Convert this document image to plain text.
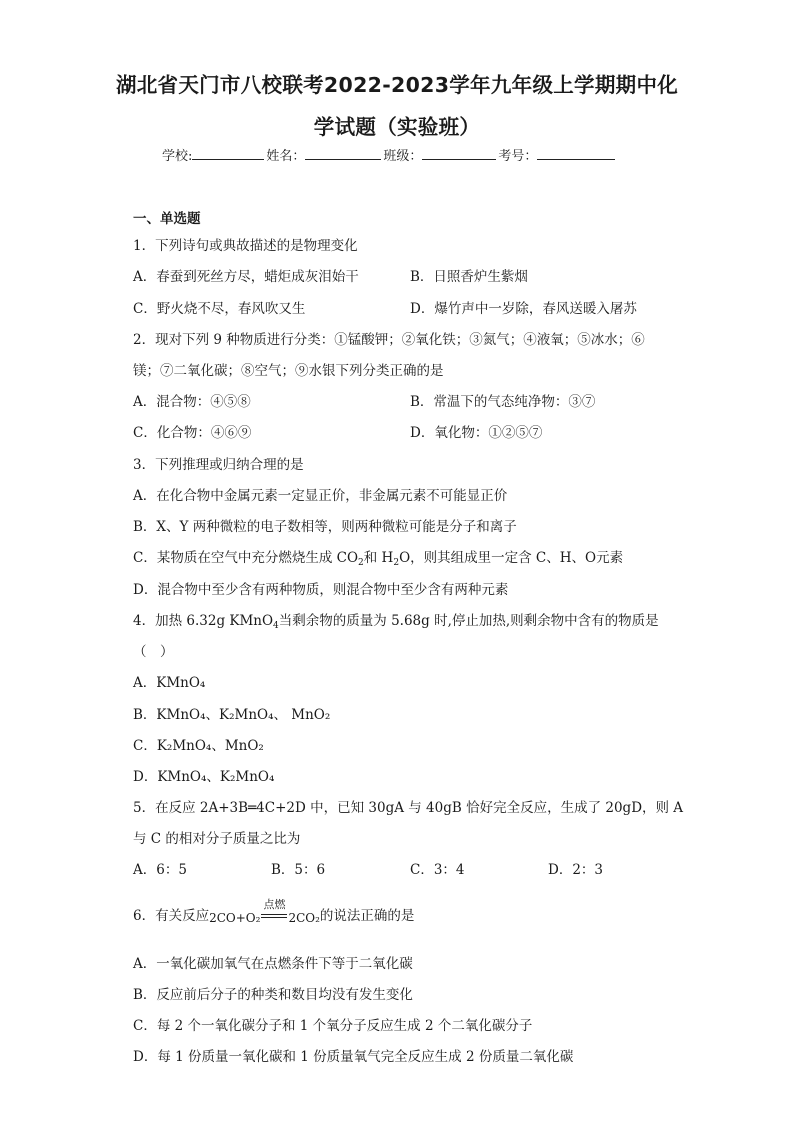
湖北省天门市八校联考2022-2023学年九年级上学期期中化
学试题（实验班）
学校:	姓名：	班级：	考号：
一、单选题
1．下列诗句或典故描述的是物理变化
A．春蚕到死丝方尽，蜡炬成灰泪始干	B．日照香炉生紫烟
C．野火烧不尽，春风吹又生	D．爆竹声中一岁除，春风送暖入屠苏
2．现对下列 9 种物质进行分类：①锰酸钾；②氧化铁；③氮气；④液氧；⑤冰水；⑥
镁；⑦二氧化碳；⑧空气；⑨水银下列分类正确的是
A．混合物：④⑤⑧	B．常温下的气态纯净物：③⑦
C．化合物：④⑥⑨	D．氧化物：①②⑤⑦
3．下列推理或归纳合理的是
A．在化合物中金属元素一定显正价，非金属元素不可能显正价
B．X、Y 两种微粒的电子数相等，则两种微粒可能是分子和离子
C．某物质在空气中充分燃烧生成 $CO_2$和 $H_2O$，则其组成里一定含 C、H、O元素
D．混合物中至少含有两种物质，则混合物中至少含有两种元素
4．加热 6.32g KMnO$_4$当剩余物的质量为 5.68g 时,停止加热,则剩余物中含有的物质是
（　）
A．KMnO₄
B．KMnO₄、K₂MnO₄、 MnO₂
C．K₂MnO₄、MnO₂
D．KMnO₄、K₂MnO₄
5．在反应 2A+3B═4C+2D 中，已知 30gA 与 40gB 恰好完全反应，生成了 20gD，则 A
与 C 的相对分子质量之比为
A．6：5	B．5：6	C．3：4	D．2：3
6．有关反应2CO+O₂
点燃
2CO₂的说法正确的是
A．一氧化碳加氧气在点燃条件下等于二氧化碳
B．反应前后分子的种类和数目均没有发生变化
C．每 2 个一氧化碳分子和 1 个氧分子反应生成 2 个二氧化碳分子
D．每 1 份质量一氧化碳和 1 份质量氧气完全反应生成 2 份质量二氧化碳
